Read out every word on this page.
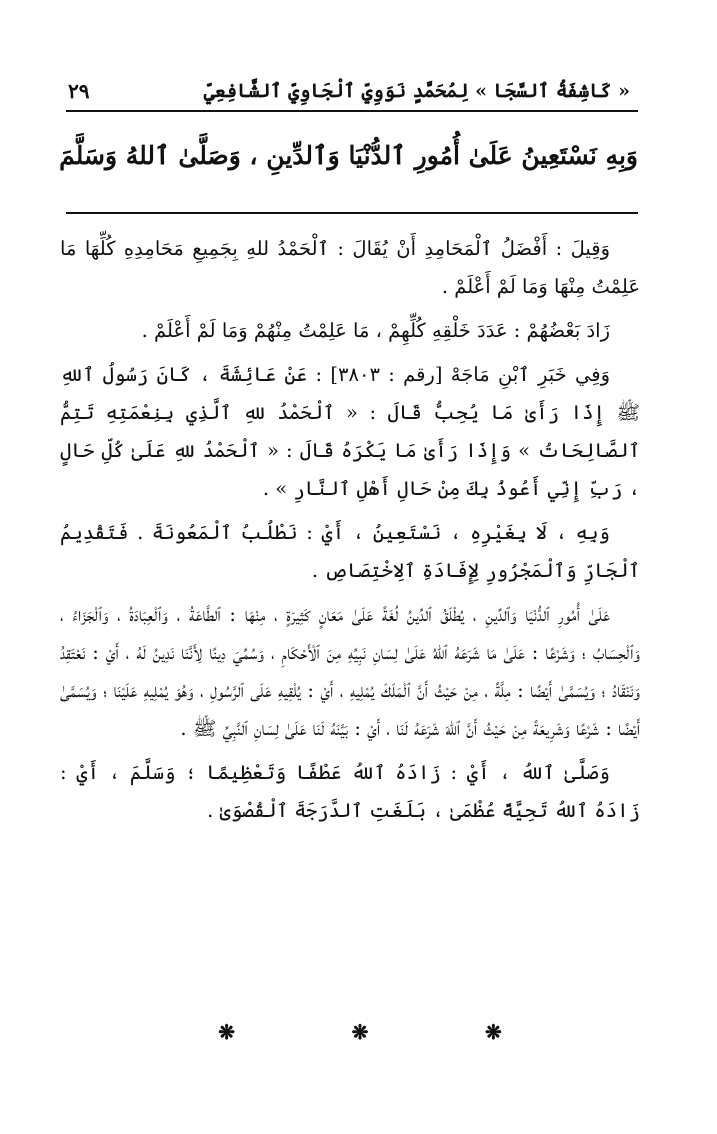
« كَاشِفَةُ ٱلسَّجَا » لِمُحَمَّدٍ نَوَوِيِّ ٱلْجَاوِيِّ ٱلشَّافِعِيِّ
٢٩
وَبِهِ نَسْتَعِينُ عَلَىٰ أُمُورِ ٱلدُّنْيَا وَٱلدِّينِ ، وَصَلَّىٰ ٱللهُ وَسَلَّمَ

وَقِيلَ : أَفْضَلُ ٱلْمَحَامِدِ أَنْ يُقَالَ : ٱلْحَمْدُ للهِ بِجَمِيعِ مَحَامِدِهِ كُلِّهَا مَا عَلِمْتُ مِنْهَا وَمَا لَمْ أَعْلَمْ .

زَادَ بَعْضُهُمْ : عَدَدَ خَلْقِهِ كُلِّهِمْ ، مَا عَلِمْتُ مِنْهُمْ وَمَا لَمْ أَعْلَمْ .

وَفِي خَبَرِ ٱبْنِ مَاجَهْ [رقم : ٣٨٠٣] : عَنْ عَائِشَةَ ، كَانَ رَسُولُ ٱللهِ ﷺ إِذَا رَأَىٰ مَا يُحِبُّ قَالَ : « ٱلْحَمْدُ للهِ ٱلَّذِي بِنِعْمَتِهِ تَتِمُّ ٱلصَّالِحَاتُ » وَإِذَا رَأَىٰ مَا يَكْرَهُ قَالَ : « ٱلْحَمْدُ للهِ عَلَىٰ كُلِّ حَالٍ ، رَبِّ إِنِّي أَعُوذُ بِكَ مِنْ حَالِ أَهْلِ ٱلنَّارِ » .

وَبِهِ ، لَا بِغَيْرِهِ ، نَسْتَعِينُ ، أَيْ : نَطْلُبُ ٱلْمَعُونَةَ . فَتَقْدِيمُ ٱلْجَارِّ وَٱلْمَجْرُورِ لِإِفَادَةِ ٱلِاخْتِصَاصِ .

عَلَىٰ أُمُورِ ٱلدُّنْيَا وَٱلدِّينِ ، يُطْلَقُ ٱلدِّينُ لُغَةً عَلَىٰ مَعَانٍ كَثِيرَةٍ ، مِنْهَا : ٱلطَّاعَةُ ، وَٱلْعِبَادَةُ ، وَٱلْجَزَاءُ ، وَٱلْحِسَابُ ؛ وَشَرْعًا : عَلَىٰ مَا شَرَعَهُ ٱللهُ عَلَىٰ لِسَانِ نَبِيِّهِ مِنَ ٱلْأَحْكَامِ ، وَسُمِّيَ دِينًا لِأَنَّنَا نَدِينُ لَهُ ، أَيْ : نَعْتَقِدُ وَنَنْقَادُ ؛ وَيُسَمَّىٰ أَيْضًا : مِلَّةً ، مِنْ حَيْثُ أَنَّ ٱلْمَلَكَ يُمْلِيهِ ، أَيْ : يُلْقِيهِ عَلَى ٱلرَّسُولِ ، وَهُوَ يُمْلِيهِ عَلَيْنَا ؛ وَيُسَمَّىٰ أَيْضًا : شَرْعًا وَشَرِيعَةً مِنْ حَيْثُ أَنَّ ٱللهَ شَرَعَهُ لَنَا ، أَيْ : بَيَّنَهُ لَنَا عَلَىٰ لِسَانِ ٱلنَّبِيِّ ﷺ .

وَصَلَّىٰ ٱللهُ ، أَيْ : زَادَهُ ٱللهُ عَطْفًا وَتَعْظِيمًا ؛ وَسَلَّمَ ، أَيْ : زَادَهُ ٱللهُ تَحِيَّةً عُظْمَىٰ ، بَلَغَتِ ٱلدَّرَجَةَ ٱلْقُصْوَىٰ .

❋	❋	❋
